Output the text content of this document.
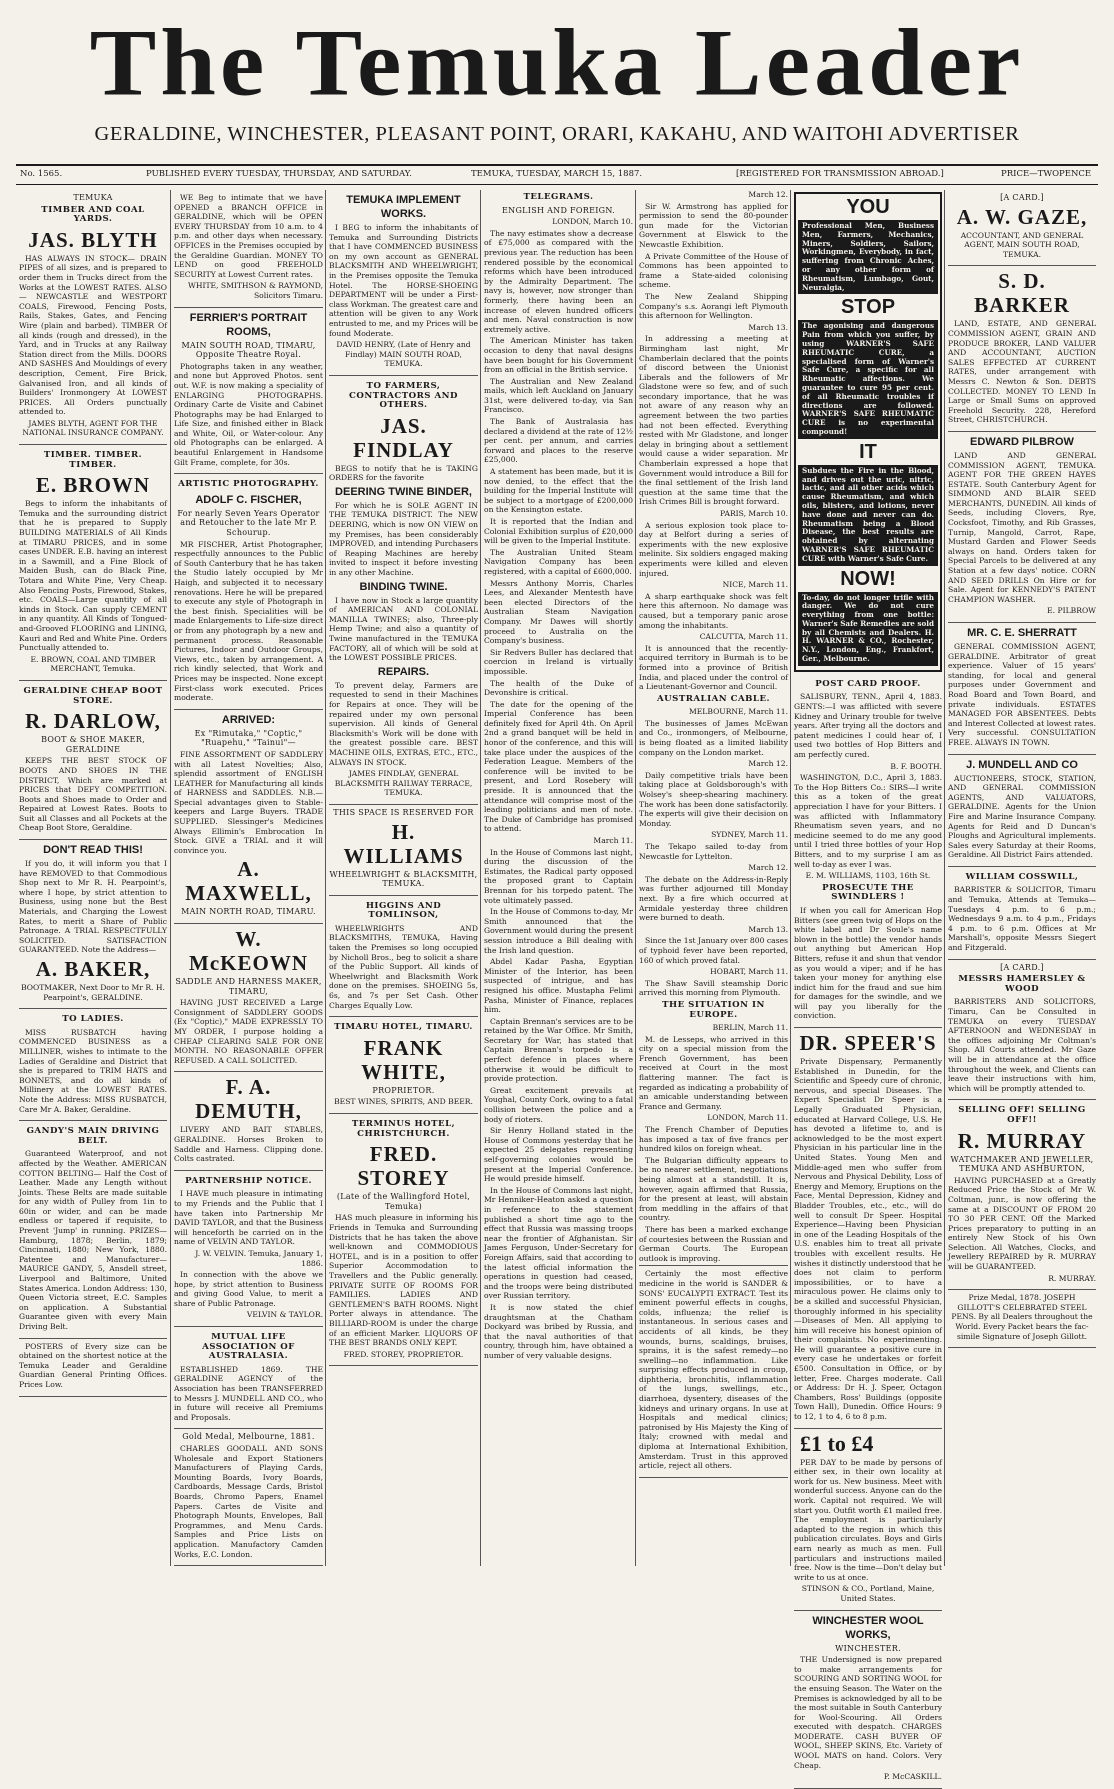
The Temuka Leader
GERALDINE, WINCHESTER, PLEASANT POINT, ORARI, KAKAHU, AND WAITOHI ADVERTISER
No. 1565.	PUBLISHED EVERY TUESDAY, THURSDAY, AND SATURDAY.	TEMUKA, TUESDAY, MARCH 15, 1887.	[REGISTERED FOR TRANSMISSION ABROAD.]	PRICE—TWOPENCE

TEMUKA

TIMBER AND COAL YARDS.

JAS. BLYTH

HAS ALWAYS IN STOCK— DRAIN PIPES of all sizes, and is prepared to order them in Trucks direct from the Works at the LOWEST RATES. ALSO— NEWCASTLE and WESTPORT COALS, Firewood, Fencing Posts, Rails, Stakes, Gates, and Fencing Wire (plain and barbed). TIMBER Of all kinds (rough and dressed), in the Yard, and in Trucks at any Railway Station direct from the Mills. DOORS AND SASHES And Mouldings of every description, Cement, Fire Brick, Galvanised Iron, and all kinds of Builders' Ironmongery At LOWEST PRICES. All Orders punctually attended to.

JAMES BLYTH, AGENT FOR THE NATIONAL INSURANCE COMPANY.

TIMBER. TIMBER. TIMBER.

E. BROWN

Begs to inform the inhabitants of Temuka and the surrounding district that he is prepared to Supply BUILDING MATERIALS of All Kinds at TIMARU PRICES, and in some cases UNDER. E.B. having an interest in a Sawmill, and a Fine Block of Maiden Bush, can do Black Pine, Totara and White Pine, Very Cheap. Also Fencing Posts, Firewood, Stakes, etc. COALS—Large quantity of all kinds in Stock. Can supply CEMENT in any quantity. All Kinds of Tongued-and-Grooved FLOORING and LINING, Kauri and Red and White Pine. Orders Punctually attended to.

E. BROWN, COAL AND TIMBER MERCHANT, Temuka.

GERALDINE CHEAP BOOT STORE.

R. DARLOW,

BOOT & SHOE MAKER, GERALDINE

KEEPS THE BEST STOCK OF BOOTS AND SHOES IN THE DISTRICT, Which are marked at PRICES that DEFY COMPETITION. Boots and Shoes made to Order and Repaired at Lowest Rates. Boots to Suit all Classes and all Pockets at the Cheap Boot Store, Geraldine.

DON'T READ THIS!

If you do, it will inform you that I have REMOVED to that Commodious Shop next to Mr R. H. Pearpoint's, where I hope, by strict attention to Business, using none but the Best Materials, and Charging the Lowest Rates, to merit a Share of Public Patronage. A TRIAL RESPECTFULLY SOLICITED. SATISFACTION GUARANTEED. Note the Address—

A. BAKER,

BOOTMAKER, Next Door to Mr R. H. Pearpoint's, GERALDINE.

TO LADIES.

MISS RUSBATCH having COMMENCED BUSINESS as a MILLINER, wishes to intimate to the Ladies of Geraldine and District that she is prepared to TRIM HATS and BONNETS, and do all kinds of Millinery at the LOWEST RATES. Note the Address: MISS RUSBATCH, Care Mr A. Baker, Geraldine.

GANDY'S MAIN DRIVING BELT.

Guaranteed Waterproof, and not affected by the Weather. AMERICAN COTTON BELTING— Half the Cost of Leather. Made any Length without Joints. These Belts are made suitable for any width of Pulley from 1in to 60in or wider, and can be made endless or tapered if requisite, to Prevent 'Jump' in running. PRIZES—Hamburg, 1878; Berlin, 1879; Cincinnati, 1880; New York, 1880. Patentee and Manufacturer— MAURICE GANDY, 5, Ansdell street, Liverpool and Baltimore, United States America. London Address: 130, Queen Victoria street, E.C. Samples on application. A Substantial Guarantee given with every Main Driving Belt.

POSTERS of Every size can be obtained on the shortest notice at the Temuka Leader and Geraldine Guardian General Printing Offices. Prices Low.

WE Beg to intimate that we have OPENED a BRANCH OFFICE in GERALDINE, which will be OPEN EVERY THURSDAY from 10 a.m. to 4 p.m. and other days when necessary. OFFICES in the Premises occupied by the Geraldine Guardian. MONEY TO LEND on good FREEHOLD SECURITY at Lowest Current rates.

WHITE, SMITHSON & RAYMOND, Solicitors Timaru.

FERRIER'S PORTRAIT ROOMS,

MAIN SOUTH ROAD, TIMARU, Opposite Theatre Royal.

Photographs taken in any weather, and none but Approved Photos. sent out. W.F. is now making a speciality of ENLARGING PHOTOGRAPHS. Ordinary Carte de Visite and Cabinet Photographs may be had Enlarged to Life Size, and finished either in Black and White, Oil, or Water-colour. Any old Photographs can be enlarged. A beautiful Enlargement in Handsome Gilt Frame, complete, for 30s.

ARTISTIC PHOTOGRAPHY.

ADOLF C. FISCHER,

For nearly Seven Years Operator and Retoucher to the late Mr P. Schourup.

MR FISCHER, Artist Photographer, respectfully announces to the Public of South Canterbury that he has taken the Studio lately occupied by Mr Haigh, and subjected it to necessary renovations. Here he will be prepared to execute any style of Photograph in the best finish. Specialities will be made Enlargements to Life-size direct or from any photograph by a new and permanent process. Reasonable Pictures, Indoor and Outdoor Groups, Views, etc., taken by arrangement. A rich kindly selected, that Work and Prices may be inspected. None except First-class work executed. Prices moderate.

ARRIVED:

Ex "Rimutaka," "Coptic," "Ruapehu," "Tainui"—

FINE ASSORTMENT OF SADDLERY with all Latest Novelties; Also, splendid assortment of ENGLISH LEATHER for Manufacturing all kinds of HARNESS and SADDLES. N.B.—Special advantages given to Stable-keepers and Large Buyers. TRADE SUPPLIED. Slessinger's Medicines Always Ellimin's Embrocation In Stock. GIVE a TRIAL and it will convince you.

A. MAXWELL,

MAIN NORTH ROAD, TIMARU.

W. McKEOWN

SADDLE AND HARNESS MAKER, TIMARU,

HAVING JUST RECEIVED a Large Consignment of SADDLERY GOODS (Ex "Coptic)," MADE EXPRESSLY TO MY ORDER, I purpose holding a CHEAP CLEARING SALE FOR ONE MONTH. NO REASONABLE OFFER REFUSED. A CALL SOLICITED.

F. A. DEMUTH,

LIVERY AND BAIT STABLES, GERALDINE. Horses Broken to Saddle and Harness. Clipping done. Colts castrated.

PARTNERSHIP NOTICE.

I HAVE much pleasure in intimating to my Friends and the Public that I have taken into Partnership Mr DAVID TAYLOR, and that the Business will henceforth be carried on in the name of VELVIN AND TAYLOR.

J. W. VELVIN. Temuka, January 1, 1886.

In connection with the above we hope, by strict attention to Business and giving Good Value, to merit a share of Public Patronage.

VELVIN & TAYLOR.

MUTUAL LIFE ASSOCIATION OF AUSTRALASIA.

ESTABLISHED 1869. THE GERALDINE AGENCY of the Association has been TRANSFERRED to Messrs J. MUNDELL AND CO., who in future will receive all Premiums and Proposals.

Gold Medal, Melbourne, 1881.

CHARLES GOODALL AND SONS Wholesale and Export Stationers Manufacturers of Playing Cards, Mounting Boards, Ivory Boards, Cardboards, Message Cards, Bristol Boards, Chromo Papers, Enamel Papers. Cartes de Visite and Photograph Mounts, Envelopes, Ball Programmes, and Menu Cards. Samples and Price Lists on application. Manufactory Camden Works, E.C. London.

TEMUKA IMPLEMENT WORKS.

I BEG to inform the inhabitants of Temuka and Surrounding Districts that I have COMMENCED BUSINESS on my own account as GENERAL BLACKSMITH AND WHEELWRIGHT, in the Premises opposite the Temuka Hotel. The HORSE-SHOEING DEPARTMENT will be under a First-class Workman. The greatest care and attention will be given to any Work entrusted to me, and my Prices will be found Moderate.

DAVID HENRY, (Late of Henry and Findlay) MAIN SOUTH ROAD, TEMUKA.

TO FARMERS, CONTRACTORS AND OTHERS.

JAS. FINDLAY

BEGS to notify that he is TAKING ORDERS for the favorite

DEERING TWINE BINDER,

For which he is SOLE AGENT IN THE TEMUKA DISTRICT. The NEW DEERING, which is now ON VIEW on my Premises, has been considerably IMPROVED, and intending Purchasers of Reaping Machines are hereby invited to inspect it before investing in any other Machine.

BINDING TWINE.

I have now in Stock a large quantity of AMERICAN AND COLONIAL MANILLA TWINES; also, Three-ply Hemp Twine; and also a quantity of Twine manufactured in the TEMUKA FACTORY, all of which will be sold at the LOWEST POSSIBLE PRICES.

REPAIRS.

To prevent delay, Farmers are requested to send in their Machines for Repairs at once. They will be repaired under my own personal supervision. All kinds of General Blacksmith's Work will be done with the greatest possible care. BEST MACHINE OILS, EXTRAS, ETC., ETC., ALWAYS IN STOCK.

JAMES FINDLAY, GENERAL BLACKSMITH RAILWAY TERRACE, TEMUKA.

THIS SPACE IS RESERVED FOR

H. WILLIAMS

WHEELWRIGHT & BLACKSMITH, TEMUKA.

HIGGINS AND TOMLINSON,

WHEELWRIGHTS AND BLACKSMITHS, TEMUKA, Having taken the Premises so long occupied by Nicholl Bros., beg to solicit a share of the Public Support. All kinds of Wheelwright and Blacksmith Work done on the premises. SHOEING 5s, 6s, and 7s per Set Cash. Other Charges Equally Low.

TIMARU HOTEL, TIMARU.

FRANK WHITE,

PROPRIETOR.

BEST WINES, SPIRITS, AND BEER.

TERMINUS HOTEL, CHRISTCHURCH.

FRED. STOREY

(Late of the Wallingford Hotel, Temuka)

HAS much pleasure in informing his Friends in Temuka and Surrounding Districts that he has taken the above well-known and COMMODIOUS HOTEL, and is in a position to offer Superior Accommodation to Travellers and the Public generally. PRIVATE SUITE OF ROOMS FOR FAMILIES. LADIES AND GENTLEMEN'S BATH ROOMS. Night Porter always in attendance. The BILLIARD-ROOM is under the charge of an efficient Marker. LIQUORS OF THE BEST BRANDS ONLY KEPT.

FRED. STOREY, PROPRIETOR.

TELEGRAMS.

ENGLISH AND FOREIGN.

LONDON, March 10.

The navy estimates show a decrease of £75,000 as compared with the previous year. The reduction has been rendered possible by the economical reforms which have been introduced by the Admiralty Department. The navy is, however, now stronger than formerly, there having been an increase of eleven hundred officers and men. Naval construction is now extremely active.

The American Minister has taken occasion to deny that naval designs have been bought for his Government from an official in the British service.

The Australian and New Zealand mails, which left Auckland on January 31st, were delivered to-day, via San Francisco.

The Bank of Australasia has declared a dividend at the rate of 12½ per cent. per annum, and carries forward and places to the reserve £25,000.

A statement has been made, but it is now denied, to the effect that the building for the Imperial Institute will be subject to a mortgage of £200,000 on the Kensington estate.

It is reported that the Indian and Colonial Exhibition surplus of £20,000 will be given to the Imperial Institute.

The Australian United Steam Navigation Company has been registered, with a capital of £600,000.

Messrs Anthony Morris, Charles Lees, and Alexander Mentesth have been elected Directors of the Australian Steam Navigation Company. Mr Dawes will shortly proceed to Australia on the Company's business.

Sir Redvers Buller has declared that coercion in Ireland is virtually impossible.

The health of the Duke of Devonshire is critical.

The date for the opening of the Imperial Conference has been definitely fixed for April 4th. On April 2nd a grand banquet will be held in honor of the conference, and this will take place under the auspices of the Federation League. Members of the conference will be invited to be present, and Lord Rosebery will preside. It is announced that the attendance will comprise most of the leading politicians and men of note. The Duke of Cambridge has promised to attend.

March 11.

In the House of Commons last night, during the discussion of the Estimates, the Radical party opposed the proposed grant to Captain Brennan for his torpedo patent. The vote ultimately passed.

In the House of Commons to-day, Mr Smith announced that the Government would during the present session introduce a Bill dealing with the Irish land question.

Abdel Kadar Pasha, Egyptian Minister of the Interior, has been suspected of intrigue, and has resigned his office. Mustapha Felimi Pasha, Minister of Finance, replaces him.

Captain Brennan's services are to be retained by the War Office. Mr Smith, Secretary for War, has stated that Captain Brennan's torpedo is a perfect defence in places where otherwise it would be difficult to provide protection.

Great excitement prevails at Youghal, County Cork, owing to a fatal collision between the police and a body of rioters.

Sir Henry Holland stated in the House of Commons yesterday that he expected 25 delegates representing self-governing colonies would be present at the Imperial Conference. He would preside himself.

In the House of Commons last night, Mr Henniker-Heaton asked a question in reference to the statement published a short time ago to the effect that Russia was massing troops near the frontier of Afghanistan. Sir James Ferguson, Under-Secretary for Foreign Affairs, said that according to the latest official information the operations in question had ceased, and the troops were being distributed over Russian territory.

It is now stated the chief draughtsman at the Chatham Dockyard was bribed by Russia, and that the naval authorities of that country, through him, have obtained a number of very valuable designs.

March 12.

Sir W. Armstrong has applied for permission to send the 80-pounder gun made for the Victorian Government at Elswick to the Newcastle Exhibition.

A Private Committee of the House of Commons has been appointed to frame a State-aided colonising scheme.

The New Zealand Shipping Company's s.s. Aorangi left Plymouth this afternoon for Wellington.

March 13.

In addressing a meeting at Birmingham last night, Mr Chamberlain declared that the points of discord between the Unionist Liberals and the followers of Mr Gladstone were so few, and of such secondary importance, that he was not aware of any reason why an agreement between the two parties had not been effected. Everything rested with Mr Gladstone, and longer delay in bringing about a settlement would cause a wider separation. Mr Chamberlain expressed a hope that Government would introduce a Bill for the final settlement of the Irish land question at the same time that the Irish Crimes Bill is brought forward.

PARIS, March 10.

A serious explosion took place to-day at Belfort during a series of experiments with the new explosive melinite. Six soldiers engaged making experiments were killed and eleven injured.

NICE, March 11.

A sharp earthquake shock was felt here this afternoon. No damage was caused, but a temporary panic arose among the inhabitants.

CALCUTTA, March 11.

It is announced that the recently-acquired territory in Burmah is to be formed into a province of British India, and placed under the control of a Lieutenant-Governor and Council.

AUSTRALIAN CABLE.

MELBOURNE, March 11.

The businesses of James McEwan and Co., ironmongers, of Melbourne, is being floated as a limited liability company on the London market.

March 12.

Daily competitive trials have been taking place at Goldsborough's with Wolsey's sheep-shearing machinery. The work has been done satisfactorily. The experts will give their decision on Monday.

SYDNEY, March 11.

The Tekapo sailed to-day from Newcastle for Lyttelton.

March 12.

The debate on the Address-in-Reply was further adjourned till Monday next. By a fire which occurred at Armidale yesterday three children were burned to death.

March 13.

Since the 1st January over 800 cases of typhoid fever have been reported, 160 of which proved fatal.

HOBART, March 11.

The Shaw Savill steamship Doric arrived this morning from Plymouth.

THE SITUATION IN EUROPE.

BERLIN, March 11.

M. de Lesseps, who arrived in this city on a special mission from the French Government, has been received at Court in the most flattering manner. The fact is regarded as indicating a probability of an amicable understanding between France and Germany.

LONDON, March 11.

The French Chamber of Deputies has imposed a tax of five francs per hundred kilos on foreign wheat.

The Bulgarian difficulty appears to be no nearer settlement, negotiations being almost at a standstill. It is, however, again affirmed that Russia, for the present at least, will abstain from meddling in the affairs of that country.

There has been a marked exchange of courtesies between the Russian and German Courts. The European outlook is improving.

Certainly the most effective medicine in the world is SANDER & SONS' EUCALYPTI EXTRACT. Test its eminent powerful effects in coughs, colds, influenza; the relief is instantaneous. In serious cases and accidents of all kinds, be they wounds, burns, scaldings, bruises, sprains, it is the safest remedy—no swelling—no inflammation. Like surprising effects produced in croup, diphtheria, bronchitis, inflammation of the lungs, swellings, etc., diarrhoea, dysentery, diseases of the kidneys and urinary organs. In use at Hospitals and medical clinics; patronised by His Majesty the King of Italy; crowned with medal and diploma at International Exhibition, Amsterdam. Trust in this approved article, reject all others.

YOU
Professional Men, Business Men, Farmers, Mechanics, Miners, Soldiers, Sailors, Workingmen, Everybody, in fact, suffering from Chronic Aches, or any other form of Rheumatism, Lumbago, Gout, Neuralgia,
STOP
The agonising and dangerous Pain from which you suffer, by using WARNER'S SAFE RHEUMATIC CURE, a specialised form of Warner's Safe Cure, a specific for all Rheumatic affections. We guarantee to cure 95 per cent. of all Rheumatic troubles if directions are followed. WARNER'S SAFE RHEUMATIC CURE is no experimental compound!
IT
Subdues the Fire in the Blood, and drives out the uric, nitric, lactic, and all other acids which cause Rheumatism, and which oils, blisters, and lotions, never have done and never can do. Rheumatism being a Blood Disease, the best results are obtained by alternating WARNER'S SAFE RHEUMATIC CURE with Warner's Safe Cure.
NOW!
To-day, do not longer trifle with danger. We do not cure everything from one bottle: Warner's Safe Remedies are sold by all Chemists and Dealers. H. H. WARNER & CO., Rochester, N.Y., London, Eng., Frankfort, Ger., Melbourne.

POST CARD PROOF.

SALISBURY, TENN., April 4, 1883. GENTS:—I was afflicted with severe Kidney and Urinary trouble for twelve years. After trying all the doctors and patent medicines I could hear of, I used two bottles of Hop Bitters and am perfectly cured.

B. F. BOOTH.

WASHINGTON, D.C., April 3, 1883. To the Hop Bitters Co.: SIRS—I write this as a token of the great appreciation I have for your Bitters. I was afflicted with Inflammatory Rheumatism seven years, and no medicine seemed to do me any good until I tried three bottles of your Hop Bitters, and to my surprise I am as well to-day as ever I was.

E. M. WILLIAMS, 1103, 16th St.

PROSECUTE THE SWINDLERS !

If when you call for American Hop Bitters (see green twig of Hops on the white label and Dr Soule's name blown in the bottle) the vendor hands out anything but American Hop Bitters, refuse it and shun that vendor as you would a viper; and if he has taken your money for anything else indict him for the fraud and sue him for damages for the swindle, and we will pay you liberally for the conviction.

DR. SPEER'S

Private Dispensary, Permanently Established in Dunedin, for the Scientific and Speedy cure of chronic, nervous, and special Diseases. The Expert Specialist Dr Speer is a Legally Graduated Physician, educated at Harvard College, U.S. He has devoted a lifetime to, and is acknowledged to be the most expert Physician in his particular line in the United States. Young Men and Middle-aged men who suffer from Nervous and Physical Debility, Loss of Energy and Memory, Eruptions on the Face, Mental Depression, Kidney and Bladder Troubles, etc., etc., will do well to consult Dr Speer. Hospital Experience—Having been Physician in one of the Leading Hospitals of the U.S. enables him to treat all private troubles with excellent results. He wishes it distinctly understood that he does not claim to perform impossibilities, or to have a miraculous power. He claims only to be a skilled and successful Physician, thoroughly informed in his speciality—Diseases of Men. All applying to him will receive his honest opinion of their complaints. No experimenting. He will guarantee a positive cure in every case he undertakes or forfeit £500. Consultation in Office, or by letter, Free. Charges moderate. Call or Address: Dr H. J. Speer, Octagon Chambers, Ross' Buildings (opposite Town Hall), Dunedin. Office Hours: 9 to 12, 1 to 4, 6 to 8 p.m.

£1 to £4

PER DAY to be made by persons of either sex, in their own locality at work for us. New business. Meet with wonderful success. Anyone can do the work. Capital not required. We will start you. Outfit worth £1 mailed free. The employment is particularly adapted to the region in which this publication circulates. Boys and Girls earn nearly as much as men. Full particulars and instructions mailed free. Now is the time—Don't delay but write to us at once.

STINSON & CO., Portland, Maine, United States.

WINCHESTER WOOL WORKS,

WINCHESTER.

THE Undersigned is now prepared to make arrangements for SCOURING AND SORTING WOOL for the ensuing Season. The Water on the Premises is acknowledged by all to be the most suitable in South Canterbury for Wool-Scouring. All Orders executed with despatch. CHARGES MODERATE. CASH BUYER OF WOOL, SHEEP SKINS, Etc. Variety of WOOL MATS on hand. Colors. Very Cheap.

P. McCASKILL.

[A CARD.]

A. W. GAZE,

ACCOUNTANT, AND GENERAL AGENT, MAIN SOUTH ROAD, TEMUKA.

S. D. BARKER

LAND, ESTATE, AND GENERAL COMMISSION AGENT, GRAIN AND PRODUCE BROKER, LAND VALUER AND ACCOUNTANT, AUCTION SALES EFFECTED AT CURRENT RATES, under arrangement with Messrs C. Newton & Son. DEBTS COLLECTED. MONEY TO LEND In Large or Small Sums on approved Freehold Security. 228, Hereford Street, CHRISTCHURCH.

EDWARD PILBROW

LAND AND GENERAL COMMISSION AGENT, TEMUKA. AGENT FOR THE GREEN HAYES ESTATE. South Canterbury Agent for SIMMOND AND BLAIR SEED MERCHANTS, DUNEDIN. All kinds of Seeds, including Clovers, Rye, Cocksfoot, Timothy, and Rib Grasses, Turnip, Mangold, Carrot, Rape, Mustard Garden and Flower Seeds always on hand. Orders taken for Special Parcels to be delivered at any Station at a few days' notice. CORN AND SEED DRILLS On Hire or for Sale. Agent for KENNEDY'S PATENT CHAMPION WASHER.

E. PILBROW

MR. C. E. SHERRATT

GENERAL COMMISSION AGENT, GERALDINE. Arbitrator of great experience. Valuer of 15 years' standing, for local and general purposes under Government and Road Board and Town Board, and private individuals. ESTATES MANAGED FOR ABSENTEES. Debts and Interest Collected at lowest rates. Very successful. CONSULTATION FREE. ALWAYS IN TOWN.

J. MUNDELL AND CO

AUCTIONEERS, STOCK, STATION, AND GENERAL COMMISSION AGENTS, AND VALUATORS, GERALDINE. Agents for the Union Fire and Marine Insurance Company. Agents for Reid and D Duncan's Ploughs and Agricultural implements. Sales every Saturday at their Rooms, Geraldine. All District Fairs attended.

WILLIAM COSSWILL,

BARRISTER & SOLICITOR, Timaru and Temuka, Attends at Temuka—Tuesdays 4 p.m. to 6 p.m.; Wednesdays 9 a.m. to 4 p.m., Fridays 4 p.m. to 6 p.m. Offices at Mr Marshall's, opposite Messrs Siegert and Fitzgerald.

[A CARD.]

MESSRS HAMERSLEY & WOOD

BARRISTERS AND SOLICITORS, Timaru, Can be Consulted in TEMUKA on every TUESDAY AFTERNOON and WEDNESDAY in the offices adjoining Mr Coltman's Shop. All Courts attended. Mr Gaze will be in attendance at the office throughout the week, and Clients can leave their instructions with him, which will be promptly attended to.

SELLING OFF! SELLING OFF!!

R. MURRAY

WATCHMAKER AND JEWELLER, TEMUKA AND ASHBURTON,

HAVING PURCHASED at a Greatly Reduced Price the Stock of Mr W. Coltman, junr., is now offering the same at a DISCOUNT OF FROM 20 TO 30 PER CENT. Off the Marked Prices preparatory to putting in an entirely New Stock of his Own Selection. All Watches, Clocks, and Jewellery REPAIRED by R. MURRAY will be GUARANTEED.

R. MURRAY.

Prize Medal, 1878. JOSEPH GILLOTT'S CELEBRATED STEEL PENS. By all Dealers throughout the World. Every Packet bears the fac-simile Signature of Joseph Gillott.
